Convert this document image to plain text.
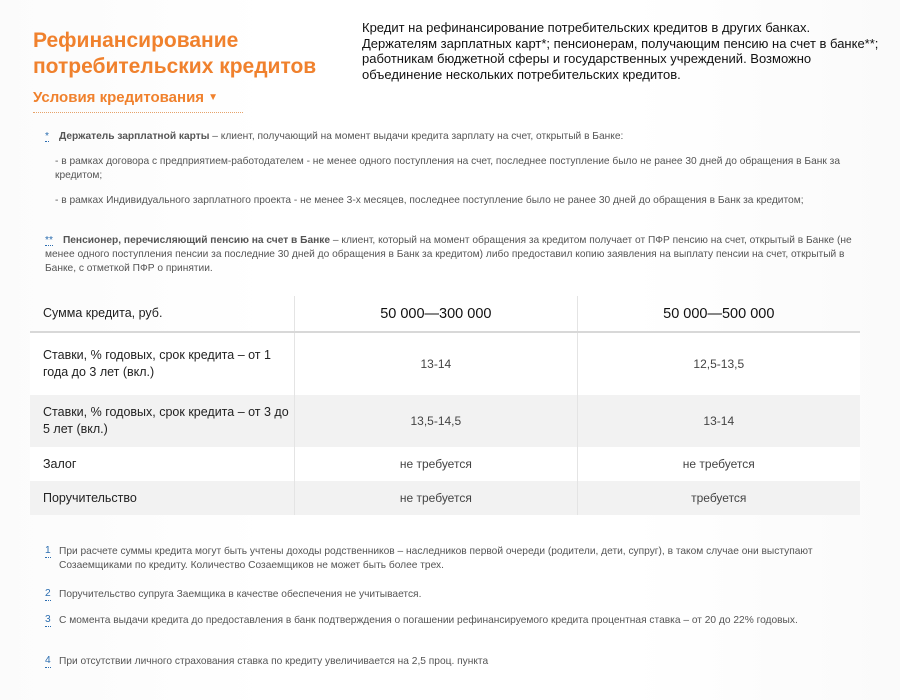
Рефинансирование потребительских кредитов
Кредит на рефинансирование потребительских кредитов в других банках. Держателям зарплатных карт*; пенсионерам, получающим пенсию на счет в банке**; работникам бюджетной сферы и государственных учреждений. Возможно объединение нескольких потребительских кредитов.
Условия кредитования ▼
* Держатель зарплатной карты – клиент, получающий на момент выдачи кредита зарплату на счет, открытый в Банке:
- в рамках договора с предприятием-работодателем - не менее одного поступления на счет, последнее поступление было не ранее 30 дней до обращения в Банк за кредитом;
- в рамках Индивидуального зарплатного проекта - не менее 3-х месяцев, последнее поступление было не ранее 30 дней до обращения в Банк за кредитом;
** Пенсионер, перечисляющий пенсию на счет в Банке – клиент, который на момент обращения за кредитом получает от ПФР пенсию на счет, открытый в Банке (не менее одного поступления пенсии за последние 30 дней до обращения в Банк за кредитом) либо предоставил копию заявления на выплату пенсии на счет, открытый в Банке, с отметкой ПФР о принятии.
Сумма кредита, руб.	50 000—300 000	50 000—500 000
Ставки, % годовых, срок кредита – от 1 года до 3 лет (вкл.)	13-14	12,5-13,5
Ставки, % годовых, срок кредита – от 3 до 5 лет (вкл.)	13,5-14,5	13-14
Залог	не требуется	не требуется
Поручительство	не требуется	требуется
1 При расчете суммы кредита могут быть учтены доходы родственников – наследников первой очереди (родители, дети, супруг), в таком случае они выступают Созаемщиками по кредиту. Количество Созаемщиков не может быть более трех.
2 Поручительство супруга Заемщика в качестве обеспечения не учитывается.
3 С момента выдачи кредита до предоставления в банк подтверждения о погашении рефинансируемого кредита процентная ставка – от 20 до 22% годовых.
4 При отсутствии личного страхования ставка по кредиту увеличивается на 2,5 проц. пункта
